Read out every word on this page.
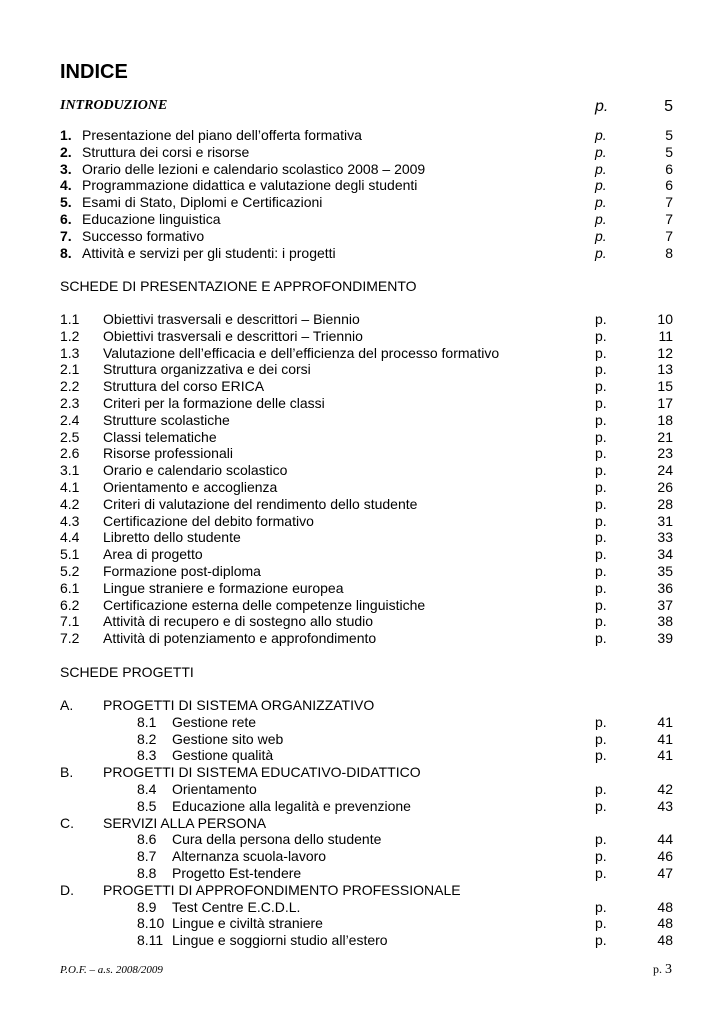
INDICE
INTRODUZIONE	p.	5
1. Presentazione del piano dell’offerta formativa	p.	5
2. Struttura dei corsi e risorse	p.	5
3. Orario delle lezioni e calendario scolastico 2008 – 2009	p.	6
4. Programmazione didattica e valutazione degli studenti	p.	6
5. Esami di Stato, Diplomi e Certificazioni	p.	7
6. Educazione linguistica	p.	7
7. Successo formativo	p.	7
8. Attività e servizi per gli studenti: i progetti	p.	8
SCHEDE DI PRESENTAZIONE E APPROFONDIMENTO
1.1 Obiettivi trasversali e descrittori – Biennio	p.	10
1.2 Obiettivi trasversali e descrittori – Triennio	p.	11
1.3 Valutazione dell’efficacia e dell’efficienza del processo formativo	p.	12
2.1 Struttura organizzativa e dei corsi	p.	13
2.2 Struttura del corso ERICA	p.	15
2.3 Criteri per la formazione delle classi	p.	17
2.4 Strutture scolastiche	p.	18
2.5 Classi telematiche	p.	21
2.6 Risorse professionali	p.	23
3.1 Orario e calendario scolastico	p.	24
4.1 Orientamento e accoglienza	p.	26
4.2 Criteri di valutazione del rendimento dello studente	p.	28
4.3 Certificazione del debito formativo	p.	31
4.4 Libretto dello studente	p.	33
5.1 Area di progetto	p.	34
5.2 Formazione post-diploma	p.	35
6.1 Lingue straniere e formazione europea	p.	36
6.2 Certificazione esterna delle competenze linguistiche	p.	37
7.1 Attività di recupero e di sostegno allo studio	p.	38
7.2 Attività di potenziamento e approfondimento	p.	39
SCHEDE PROGETTI
A. PROGETTI DI SISTEMA ORGANIZZATIVO
8.1 Gestione rete	p.	41
8.2 Gestione sito web	p.	41
8.3 Gestione qualità	p.	41
B. PROGETTI DI SISTEMA EDUCATIVO-DIDATTICO
8.4 Orientamento	p.	42
8.5 Educazione alla legalità e prevenzione	p.	43
C. SERVIZI ALLA PERSONA
8.6 Cura della persona dello studente	p.	44
8.7 Alternanza scuola-lavoro	p.	46
8.8 Progetto Est-tendere	p.	47
D. PROGETTI DI APPROFONDIMENTO PROFESSIONALE
8.9 Test Centre E.C.D.L.	p.	48
8.10 Lingue e civiltà straniere	p.	48
8.11 Lingue e soggiorni studio all’estero	p.	48
P.O.F. – a.s. 2008/2009	p. 3
